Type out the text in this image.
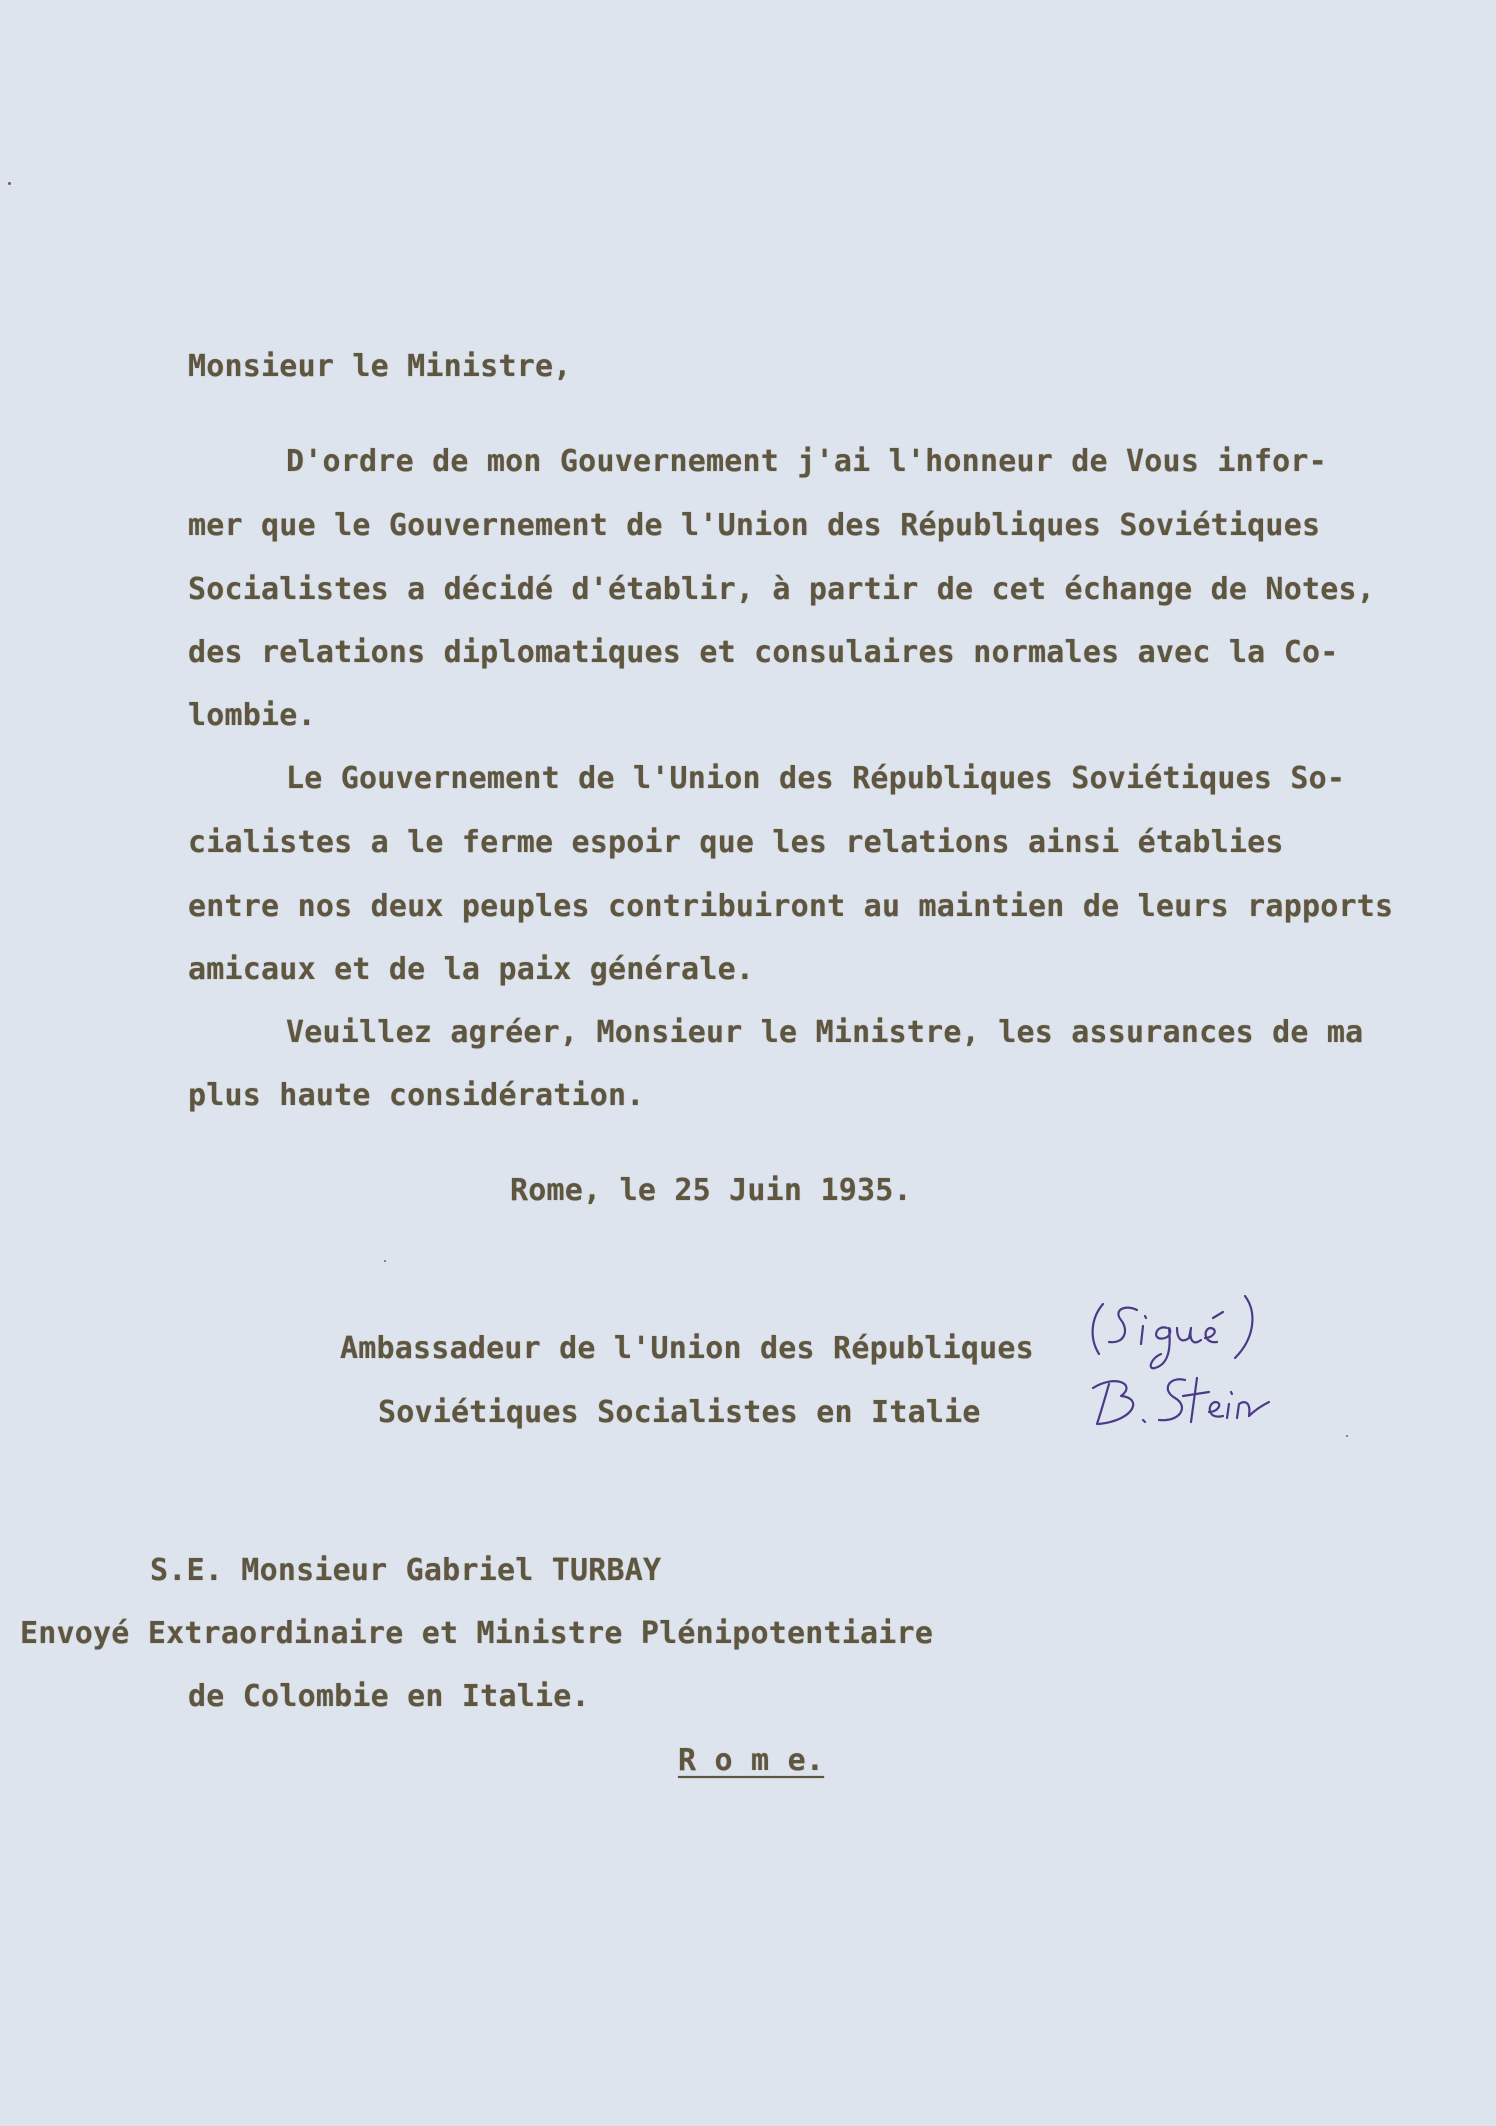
Monsieur le Ministre,

D'ordre de mon Gouvernement j'ai l'honneur de Vous infor-

mer que le Gouvernement de l'Union des Républiques Soviétiques

Socialistes a décidé d'établir, à partir de cet échange de Notes,

des relations diplomatiques et consulaires normales avec la Co-

lombie.

Le Gouvernement de l'Union des Républiques Soviétiques So-

cialistes a le ferme espoir que les relations ainsi établies

entre nos deux peuples contribuiront au maintien de leurs rapports

amicaux et de la paix générale.

Veuillez agréer, Monsieur le Ministre, les assurances de ma

plus haute considération.

Rome, le 25 Juin 1935.

Ambassadeur de l'Union des Républiques

Soviétiques Socialistes en Italie

S.E. Monsieur Gabriel TURBAY

Envoyé Extraordinaire et Ministre Plénipotentiaire

de Colombie en Italie.

R o m e.
